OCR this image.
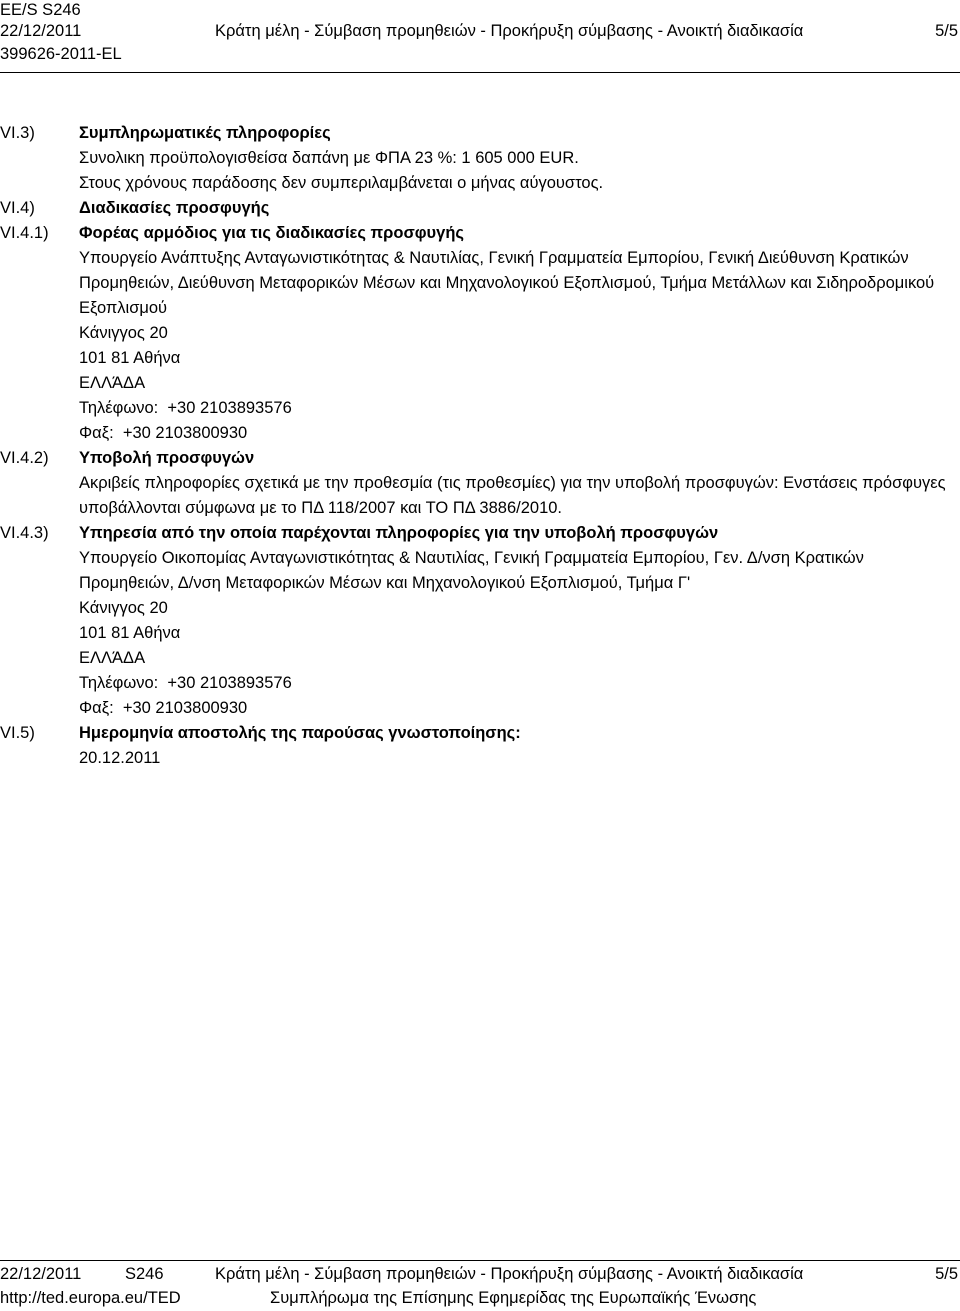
EE/S S246
22/12/2011	Κράτη μέλη - Σύμβαση προμηθειών - Προκήρυξη σύμβασης - Ανοικτή διαδικασία	5/5
399626-2011-EL
VI.3)	Συμπληρωματικές πληροφορίες
Συνολικη προϋπολογισθείσα δαπάνη με ΦΠΑ 23 %: 1 605 000 EUR.
Στους χρόνους παράδοσης δεν συμπεριλαμβάνεται ο μήνας αύγουστος.
VI.4)	Διαδικασίες προσφυγής
VI.4.1)	Φορέας αρμόδιος για τις διαδικασίες προσφυγής
Υπουργείο Ανάπτυξης Ανταγωνιστικότητας & Ναυτιλίας, Γενική Γραμματεία Εμπορίου, Γενική Διεύθυνση Κρατικών Προμηθειών, Διεύθυνση Μεταφορικών Μέσων και Μηχανολογικού Εξοπλισμού, Τμήμα Μετάλλων και Σιδηροδρομικού Εξοπλισμού
Κάνιγγος 20
101 81 Αθήνα
ΕΛΛΆΔΑ
Τηλέφωνο: +30 2103893576
Φαξ: +30 2103800930
VI.4.2)	Υποβολή προσφυγών
Ακριβείς πληροφορίες σχετικά με την προθεσμία (τις προθεσμίες) για την υποβολή προσφυγών: Ενστάσεις πρόσφυγες υποβάλλονται σύμφωνα με το ΠΔ 118/2007 και ΤΟ ΠΔ 3886/2010.
VI.4.3)	Υπηρεσία από την οποία παρέχονται πληροφορίες για την υποβολή προσφυγών
Υπουργείο Οικοπομίας Ανταγωνιστικότητας & Ναυτιλίας, Γενική Γραμματεία Εμπορίου, Γεν. Δ/νση Κρατικών Προμηθειών, Δ/νση Μεταφορικών Μέσων και Μηχανολογικού Εξοπλισμού, Τμήμα Γ'
Κάνιγγος 20
101 81 Αθήνα
ΕΛΛΆΔΑ
Τηλέφωνο: +30 2103893576
Φαξ: +30 2103800930
VI.5)	Ημερομηνία αποστολής της παρούσας γνωστοποίησης:
20.12.2011
22/12/2011	S246	Κράτη μέλη - Σύμβαση προμηθειών - Προκήρυξη σύμβασης - Ανοικτή διαδικασία	5/5
http://ted.europa.eu/TED	Συμπλήρωμα της Επίσημης Εφημερίδας της Ευρωπαϊκής Ένωσης
